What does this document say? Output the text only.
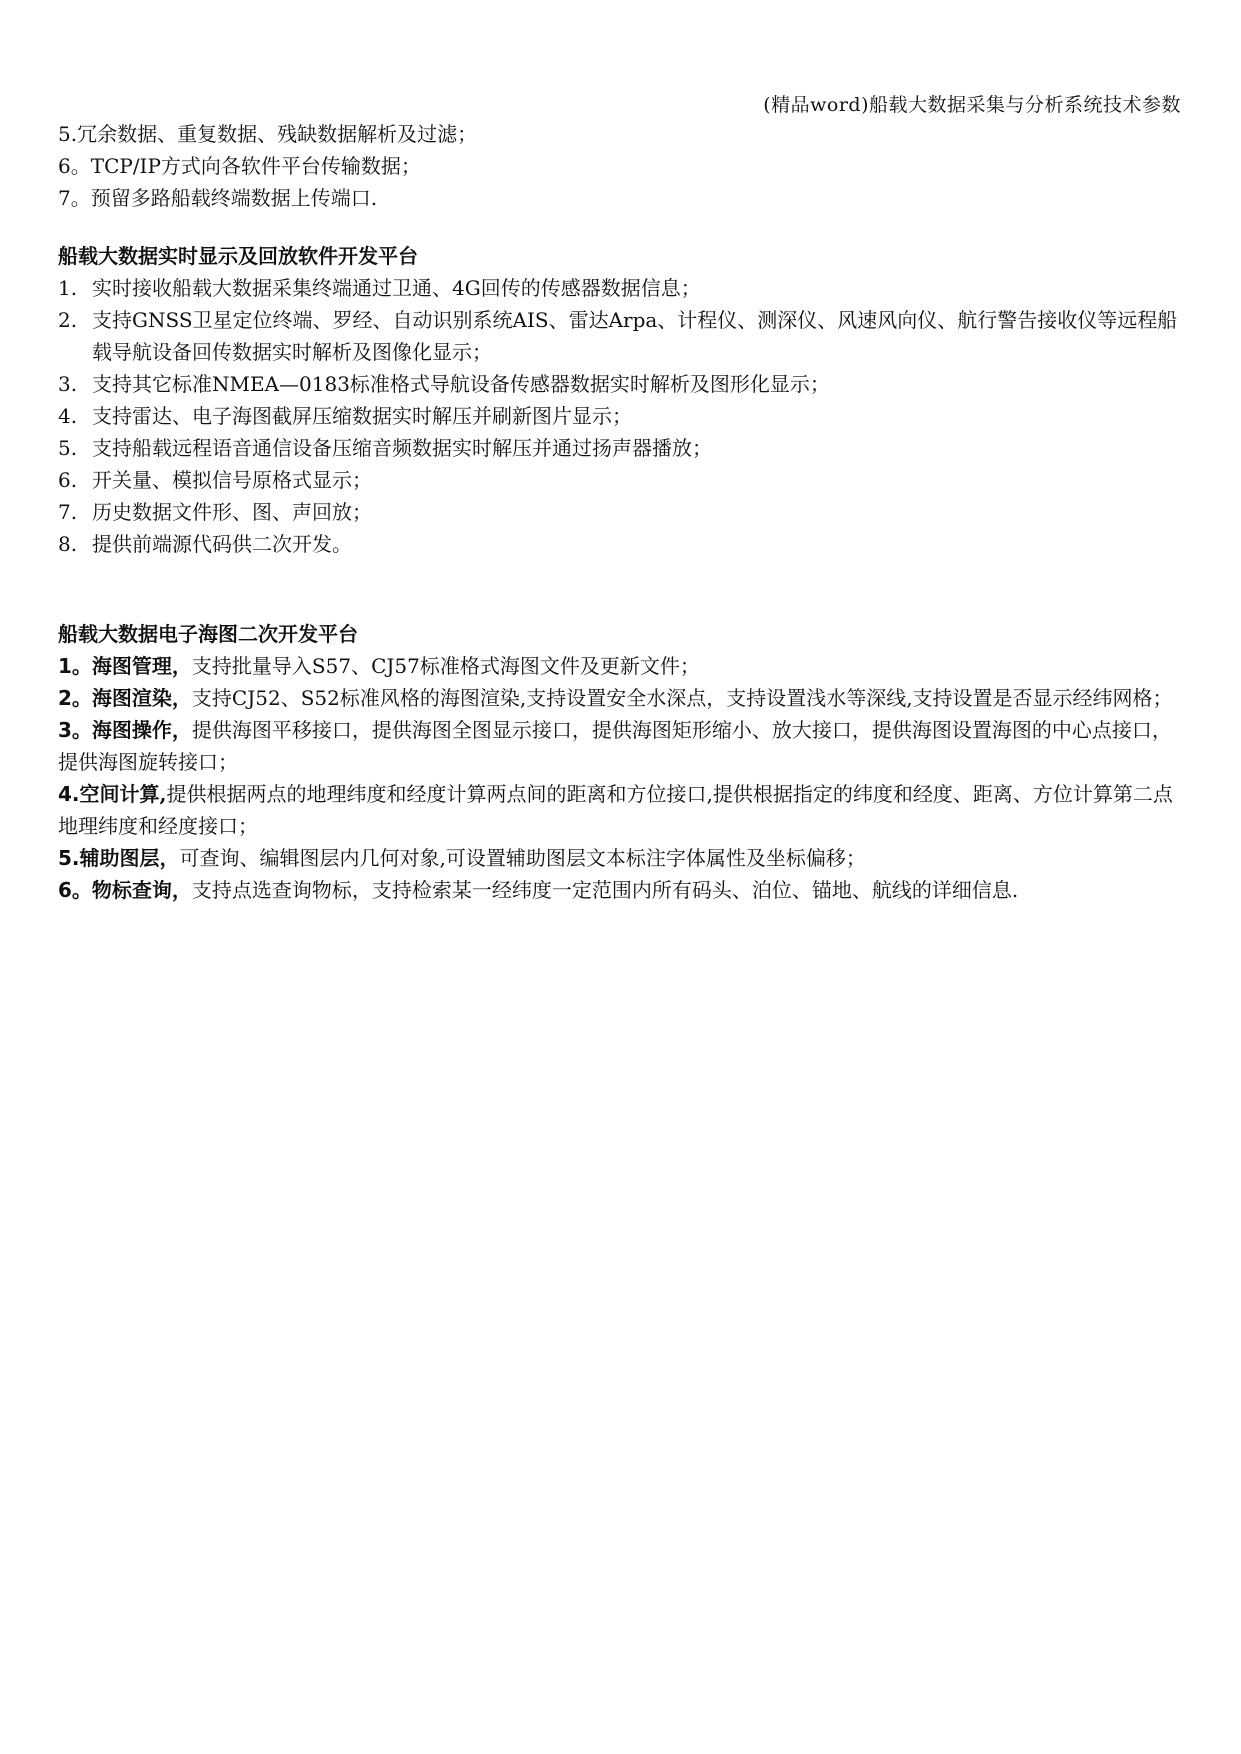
(精品word)船载大数据采集与分析系统技术参数

5.冗余数据、重复数据、残缺数据解析及过滤；

6。TCP/IP方式向各软件平台传输数据；

7。预留多路船载终端数据上传端口.

船载大数据实时显示及回放软件开发平台

1. 实时接收船载大数据采集终端通过卫通、4G回传的传感器数据信息；
2. 支持GNSS卫星定位终端、罗经、自动识别系统AIS、雷达Arpa、计程仪、测深仪、风速风向仪、航行警告接收仪等远程船载导航设备回传数据实时解析及图像化显示；
3. 支持其它标准NMEA—0183标准格式导航设备传感器数据实时解析及图形化显示；
4. 支持雷达、电子海图截屏压缩数据实时解压并刷新图片显示；
5. 支持船载远程语音通信设备压缩音频数据实时解压并通过扬声器播放；
6. 开关量、模拟信号原格式显示；
7. 历史数据文件形、图、声回放；
8. 提供前端源代码供二次开发。

船载大数据电子海图二次开发平台

1。海图管理，支持批量导入S57、CJ57标准格式海图文件及更新文件；

2。海图渲染，支持CJ52、S52标准风格的海图渲染,支持设置安全水深点，支持设置浅水等深线,支持设置是否显示经纬网格；

3。海图操作，提供海图平移接口，提供海图全图显示接口，提供海图矩形缩小、放大接口，提供海图设置海图的中心点接口，提供海图旋转接口；

4.空间计算,提供根据两点的地理纬度和经度计算两点间的距离和方位接口,提供根据指定的纬度和经度、距离、方位计算第二点地理纬度和经度接口；

5.辅助图层，可查询、编辑图层内几何对象,可设置辅助图层文本标注字体属性及坐标偏移；

6。物标查询，支持点选查询物标，支持检索某一经纬度一定范围内所有码头、泊位、锚地、航线的详细信息.
